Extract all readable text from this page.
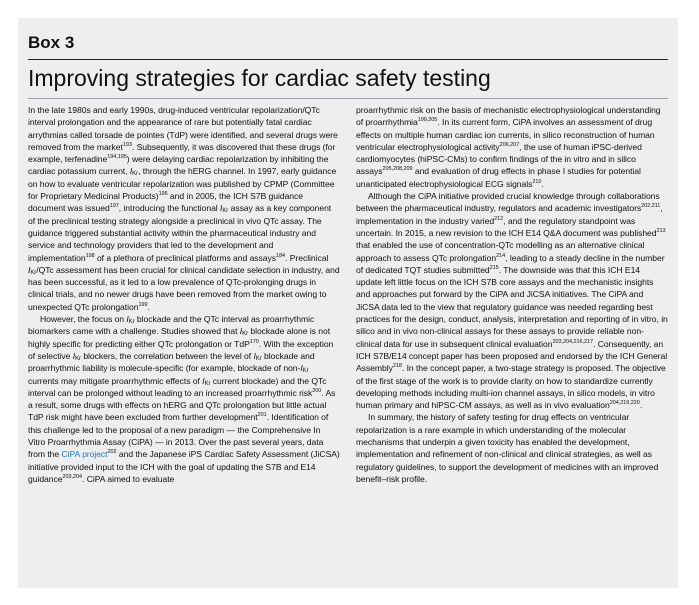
Box 3
Improving strategies for cardiac safety testing

In the late 1980s and early 1990s, drug-induced ventricular repolarization/QTc interval prolongation and the appearance of rare but potentially fatal cardiac arrythmias called torsade de pointes (TdP) were identified, and several drugs were removed from the market$^{193}$. Subsequently, it was discovered that these drugs (for example, terfenadine$^{194,195}$) were delaying cardiac repolarization by inhibiting the cardiac potassium current, $I_{Kr}$, through the hERG channel. In 1997, early guidance on how to evaluate ventricular repolarization was published by CPMP (Committee for Proprietary Medicinal Products)$^{196}$ and in 2005, the ICH S7B guidance document was issued$^{197}$, introducing the functional $I_{Kr}$ assay as a key component of the preclinical testing strategy alongside a preclinical in vivo QTc assay. The guidance triggered substantial activity within the pharmaceutical industry and service and technology providers that led to the development and implementation$^{198}$ of a plethora of preclinical platforms and assays$^{184}$. Preclinical $I_{Kr}$/QTc assessment has been crucial for clinical candidate selection in industry, and has been successful, as it led to a low prevalence of QTc-prolonging drugs in clinical trials, and no newer drugs have been removed from the market owing to unexpected QTc prolongation$^{199}$.

However, the focus on $I_{Kr}$ blockade and the QTc interval as proarrhythmic biomarkers came with a challenge. Studies showed that $I_{Kr}$ blockade alone is not highly specific for predicting either QTc prolongation or TdP$^{170}$. With the exception of selective $I_{Kr}$ blockers, the correlation between the level of $I_{Kr}$ blockade and proarrhythmic liability is molecule-specific (for example, blockade of non-$I_{Kr}$ currents may mitigate proarrhythmic effects of $I_{Kr}$ current blockade) and the QTc interval can be prolonged without leading to an increased proarrhythmic risk$^{200}$. As a result, some drugs with effects on hERG and QTc prolongation but little actual TdP risk might have been excluded from further development$^{201}$. Identification of this challenge led to the proposal of a new paradigm — the Comprehensive In Vitro Proarrhythmia Assay (CiPA) — in 2013. Over the past several years, data from the CiPA project$^{202}$ and the Japanese iPS Cardiac Safety Assessment (JiCSA) initiative provided input to the ICH with the goal of updating the S7B and E14 guidance$^{203,204}$. CiPA aimed to evaluate

proarrhythmic risk on the basis of mechanistic electrophysiological understanding of proarrhythmia$^{199,205}$. In its current form, CiPA involves an assessment of drug effects on multiple human cardiac ion currents, in silico reconstruction of human ventricular electrophysiological activity$^{206,207}$, the use of human iPSC-derived cardiomyocytes (hiPSC-CMs) to confirm findings of the in vitro and in silico assays$^{205,208,209}$ and evaluation of drug effects in phase I studies for potential unanticipated electrophysiological ECG signals$^{210}$.

Although the CiPA initiative provided crucial knowledge through collaborations between the pharmaceutical industry, regulators and academic investigators$^{202,211}$, implementation in the industry varied$^{212}$, and the regulatory standpoint was uncertain. In 2015, a new revision to the ICH E14 Q&A document was published$^{213}$ that enabled the use of concentration-QTc modelling as an alternative clinical approach to assess QTc prolongation$^{214}$, leading to a steady decline in the number of dedicated TQT studies submitted$^{215}$. The downside was that this ICH E14 update left little focus on the ICH S7B core assays and the mechanistic insights and approaches put forward by the CiPA and JiCSA initiatives. The CiPA and JiCSA data led to the view that regulatory guidance was needed regarding best practices for the design, conduct, analysis, interpretation and reporting of in vitro, in silico and in vivo non-clinical assays for these assays to provide reliable non-clinical data for use in subsequent clinical evaluation$^{203,204,216,217}$. Consequently, an ICH S7B/E14 concept paper has been proposed and endorsed by the ICH General Assembly$^{218}$. In the concept paper, a two-stage strategy is proposed. The objective of the first stage of the work is to provide clarity on how to standardize currently developing methods including multi-ion channel assays, in silico models, in vitro human primary and hiPSC-CM assays, as well as in vivo evaluation$^{204,219,220}$.

In summary, the history of safety testing for drug effects on ventricular repolarization is a rare example in which understanding of the molecular mechanisms that underpin a given toxicity has enabled the development, implementation and refinement of non-clinical and clinical strategies, as well as regulatory guidelines, to support the development of medicines with an improved benefit–risk profile.
